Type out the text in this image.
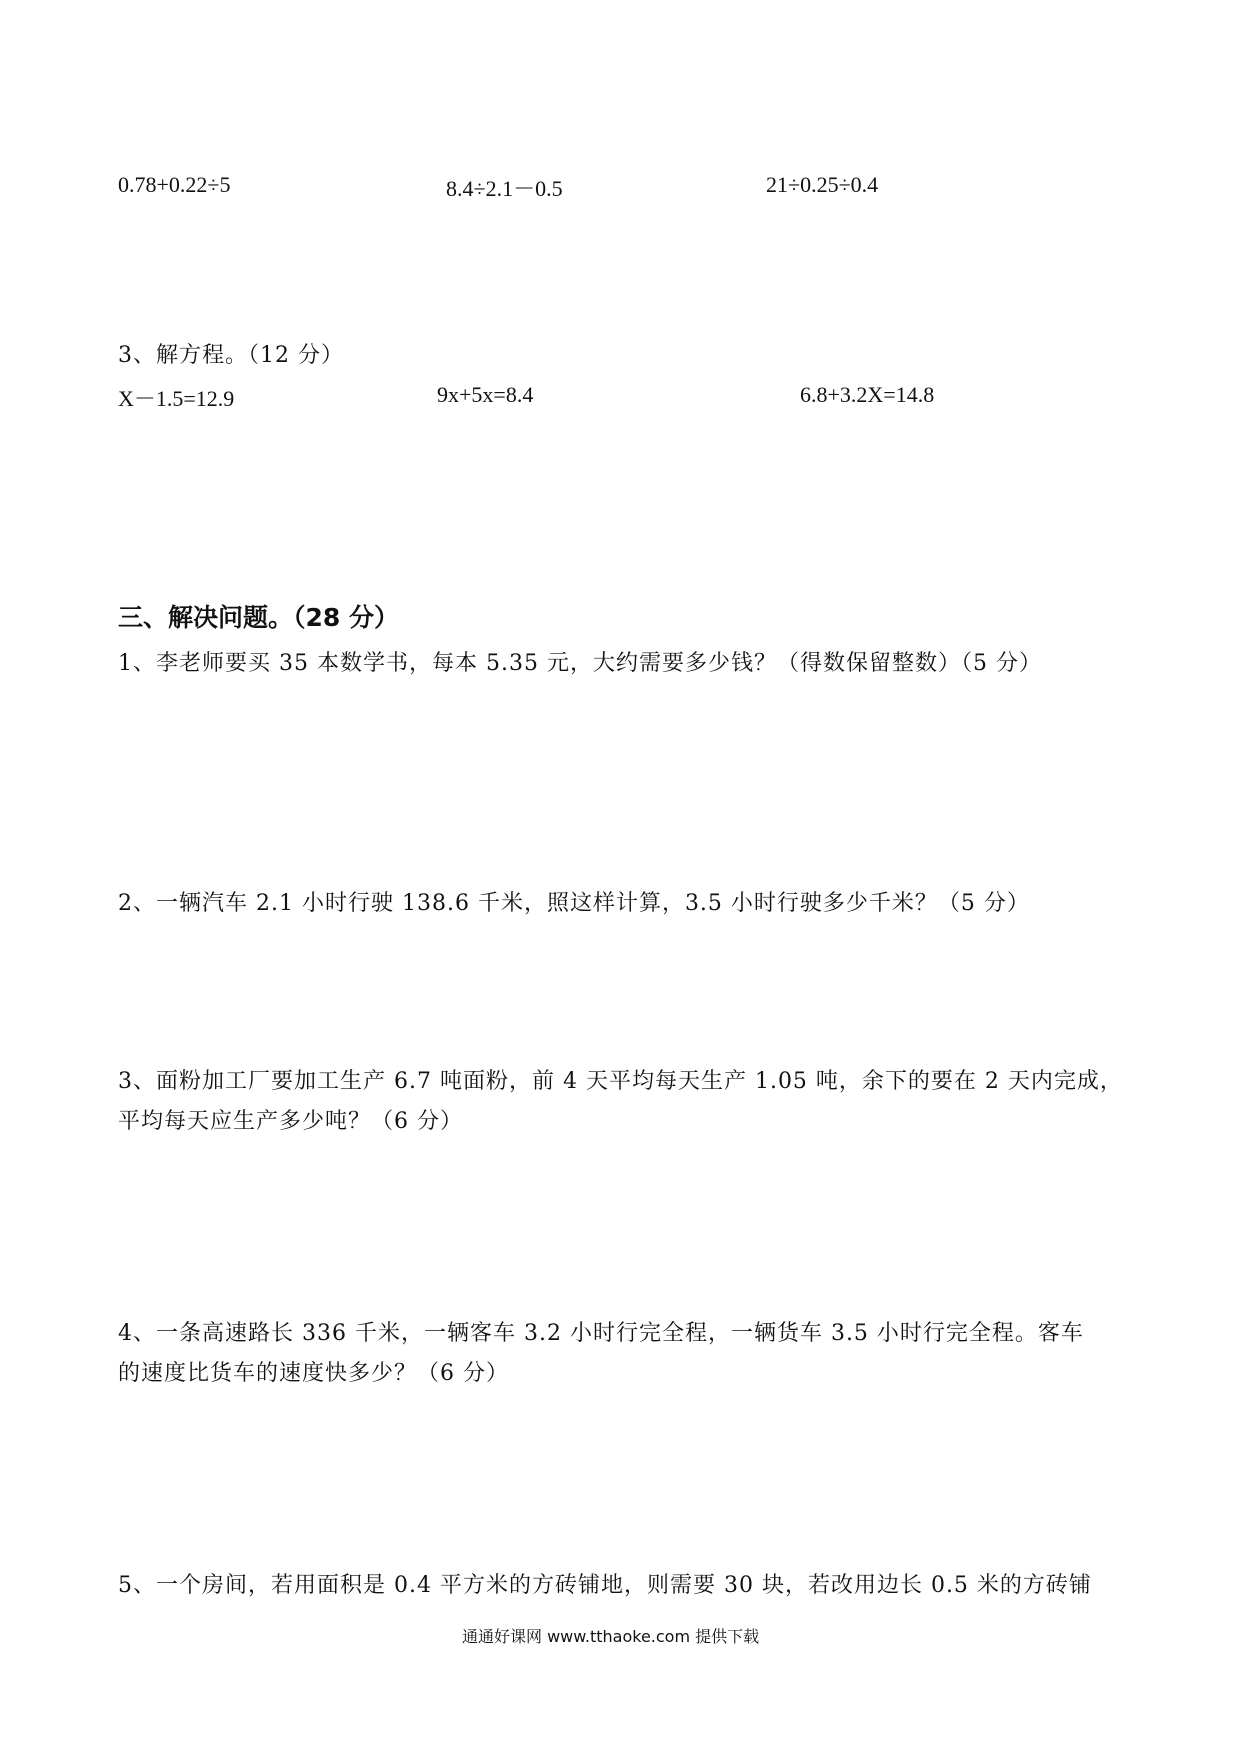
0.78+0.22÷5	8.4÷2.1－0.5	21÷0.25÷0.4
3、解方程。（12 分）
X－1.5=12.9	9x+5x=8.4	6.8+3.2X=14.8
三、解决问题。（28 分）
1、李老师要买 35 本数学书，每本 5.35 元，大约需要多少钱？（得数保留整数）（5 分）
2、一辆汽车 2.1 小时行驶 138.6 千米，照这样计算，3.5 小时行驶多少千米？（5 分）
3、面粉加工厂要加工生产 6.7 吨面粉，前 4 天平均每天生产 1.05 吨，余下的要在 2 天内完成，
平均每天应生产多少吨？（6 分）
4、一条高速路长 336 千米，一辆客车 3.2 小时行完全程，一辆货车 3.5 小时行完全程。客车
的速度比货车的速度快多少？（6 分）
5、一个房间，若用面积是 0.4 平方米的方砖铺地，则需要 30 块，若改用边长 0.5 米的方砖铺
通通好课网 www.tthaoke.com 提供下载
